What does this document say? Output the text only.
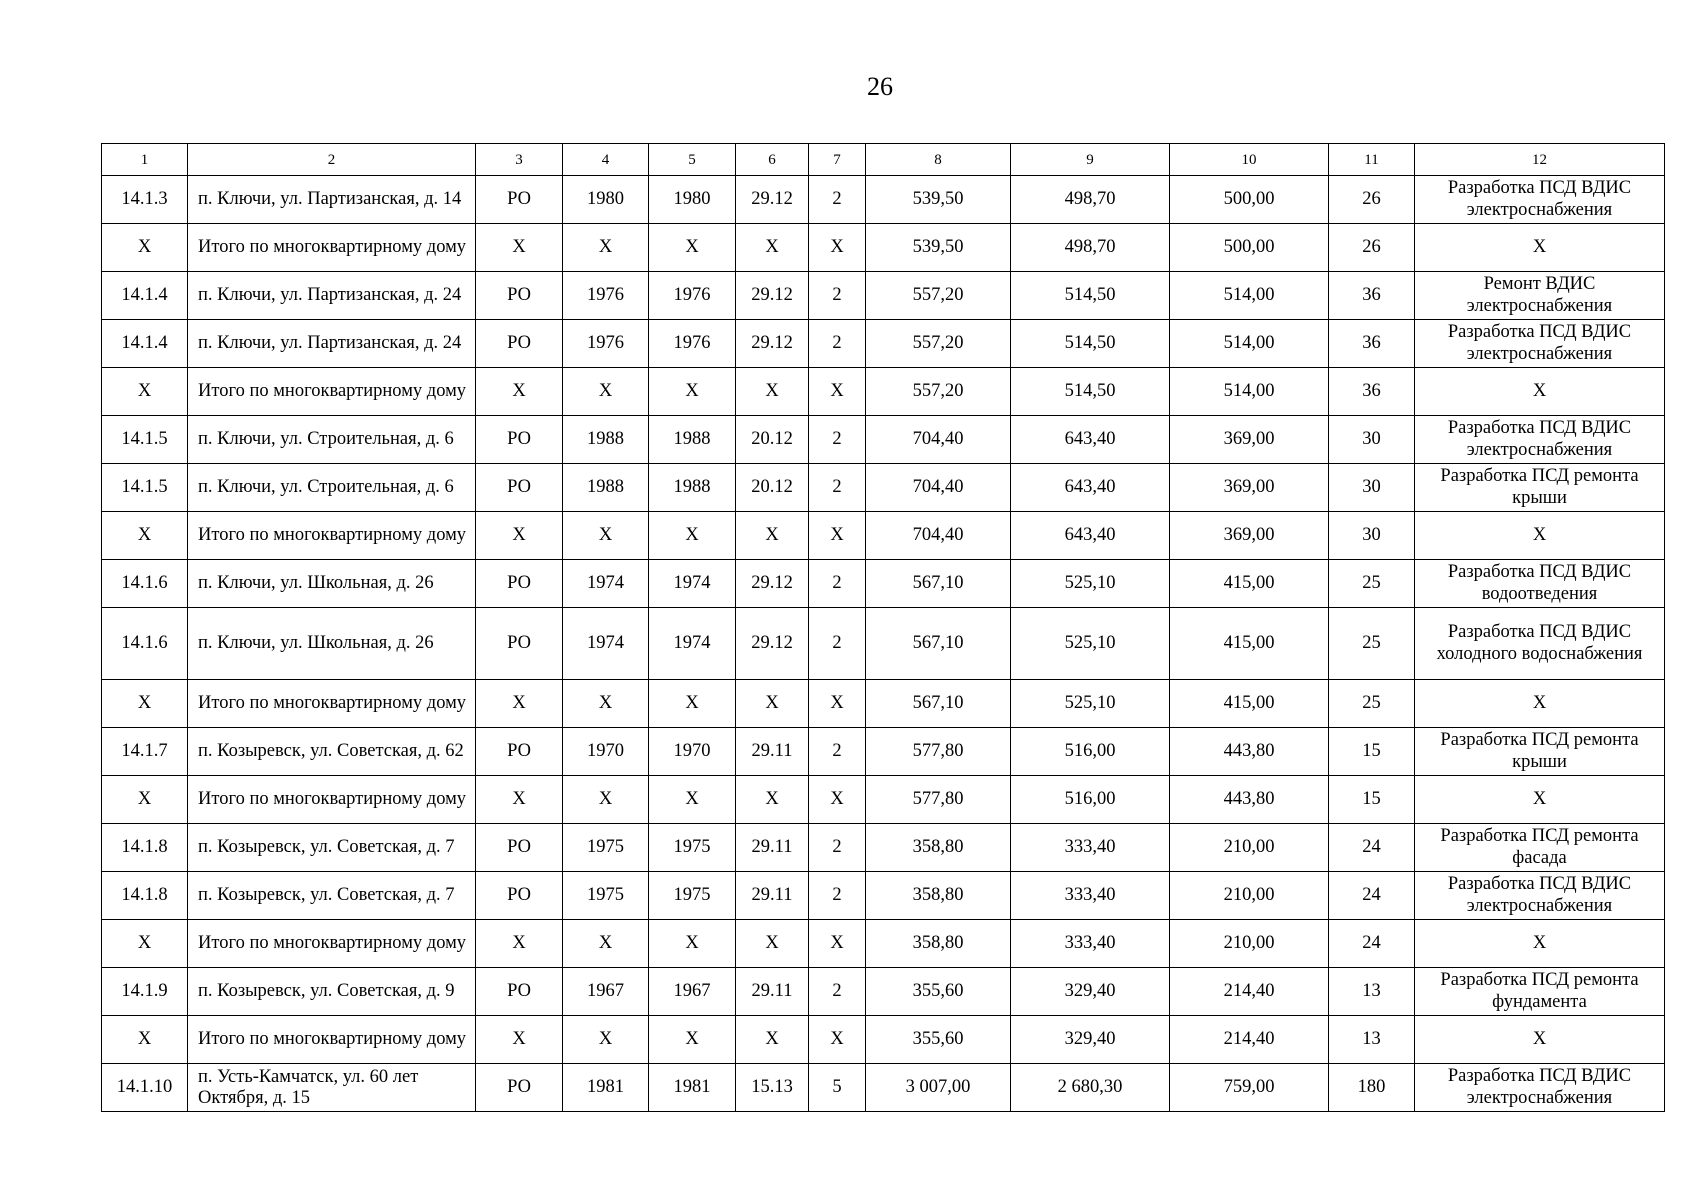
26
1	2	3	4	5	6	7	8	9	10	11	12
14.1.3	п. Ключи, ул. Партизанская, д. 14	РО	1980	1980	29.12	2	539,50	498,70	500,00	26	Разработка ПСД ВДИС электроснабжения
X	Итого по многоквартирному дому	X	X	X	X	X	539,50	498,70	500,00	26	X
14.1.4	п. Ключи, ул. Партизанская, д. 24	РО	1976	1976	29.12	2	557,20	514,50	514,00	36	Ремонт ВДИС электроснабжения
14.1.4	п. Ключи, ул. Партизанская, д. 24	РО	1976	1976	29.12	2	557,20	514,50	514,00	36	Разработка ПСД ВДИС электроснабжения
X	Итого по многоквартирному дому	X	X	X	X	X	557,20	514,50	514,00	36	X
14.1.5	п. Ключи, ул. Строительная, д. 6	РО	1988	1988	20.12	2	704,40	643,40	369,00	30	Разработка ПСД ВДИС электроснабжения
14.1.5	п. Ключи, ул. Строительная, д. 6	РО	1988	1988	20.12	2	704,40	643,40	369,00	30	Разработка ПСД ремонта крыши
X	Итого по многоквартирному дому	X	X	X	X	X	704,40	643,40	369,00	30	X
14.1.6	п. Ключи, ул. Школьная, д. 26	РО	1974	1974	29.12	2	567,10	525,10	415,00	25	Разработка ПСД ВДИС водоотведения
14.1.6	п. Ключи, ул. Школьная, д. 26	РО	1974	1974	29.12	2	567,10	525,10	415,00	25	Разработка ПСД ВДИС холодного водоснабжения
X	Итого по многоквартирному дому	X	X	X	X	X	567,10	525,10	415,00	25	X
14.1.7	п. Козыревск, ул. Советская, д. 62	РО	1970	1970	29.11	2	577,80	516,00	443,80	15	Разработка ПСД ремонта крыши
X	Итого по многоквартирному дому	X	X	X	X	X	577,80	516,00	443,80	15	X
14.1.8	п. Козыревск, ул. Советская, д. 7	РО	1975	1975	29.11	2	358,80	333,40	210,00	24	Разработка ПСД ремонта фасада
14.1.8	п. Козыревск, ул. Советская, д. 7	РО	1975	1975	29.11	2	358,80	333,40	210,00	24	Разработка ПСД ВДИС электроснабжения
X	Итого по многоквартирному дому	X	X	X	X	X	358,80	333,40	210,00	24	X
14.1.9	п. Козыревск, ул. Советская, д. 9	РО	1967	1967	29.11	2	355,60	329,40	214,40	13	Разработка ПСД ремонта фундамента
X	Итого по многоквартирному дому	X	X	X	X	X	355,60	329,40	214,40	13	X
14.1.10	п. Усть-Камчатск, ул. 60 лет Октября, д. 15	РО	1981	1981	15.13	5	3 007,00	2 680,30	759,00	180	Разработка ПСД ВДИС электроснабжения
